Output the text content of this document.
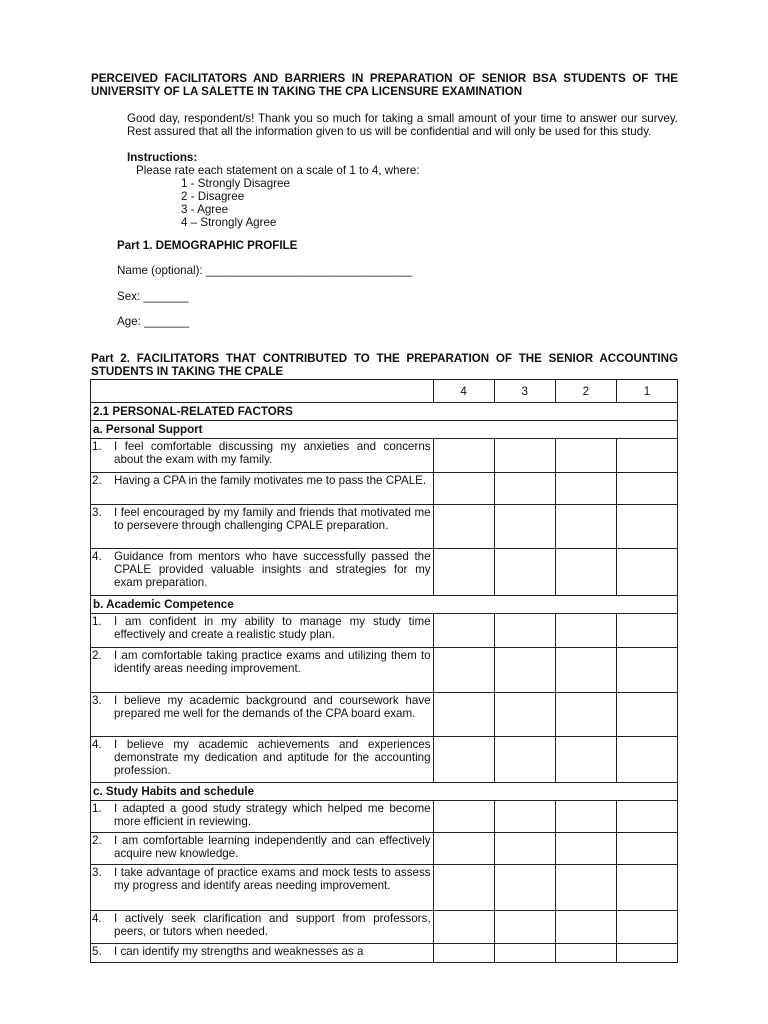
PERCEIVED FACILITATORS AND BARRIERS IN PREPARATION OF SENIOR BSA STUDENTS OF THE UNIVERSITY OF LA SALETTE IN TAKING THE CPA LICENSURE EXAMINATION
Good day, respondent/s! Thank you so much for taking a small amount of your time to answer our survey. Rest assured that all the information given to us will be confidential and will only be used for this study.
Instructions:
Please rate each statement on a scale of 1 to 4, where:
1 - Strongly Disagree
2 - Disagree
3 - Agree
4 – Strongly Agree
Part 1. DEMOGRAPHIC PROFILE
Name (optional): ________________________________
Sex: _______
Age: _______
Part 2. FACILITATORS THAT CONTRIBUTED TO THE PREPARATION OF THE SENIOR ACCOUNTING STUDENTS IN TAKING THE CPALE
	4	3	2	1
2.1 PERSONAL-RELATED FACTORS				
a. Personal Support				

1. I feel comfortable discussing my anxieties and concerns about the exam with my family.				

2. Having a CPA in the family motivates me to pass the CPALE.				

3. I feel encouraged by my family and friends that motivated me to persevere through challenging CPALE preparation.				

4. Guidance from mentors who have successfully passed the CPALE provided valuable insights and strategies for my exam preparation.				

b. Academic Competence				

1. I am confident in my ability to manage my study time effectively and create a realistic study plan.				

2. I am comfortable taking practice exams and utilizing them to identify areas needing improvement.				

3. I believe my academic background and coursework have prepared me well for the demands of the CPA board exam.				

4. I believe my academic achievements and experiences demonstrate my dedication and aptitude for the accounting profession.				

c. Study Habits and schedule				

1. I adapted a good study strategy which helped me become more efficient in reviewing.				

2. I am comfortable learning independently and can effectively acquire new knowledge.				

3. I take advantage of practice exams and mock tests to assess my progress and identify areas needing improvement.				

4. I actively seek clarification and support from professors, peers, or tutors when needed.				

5. I can identify my strengths and weaknesses as a				
